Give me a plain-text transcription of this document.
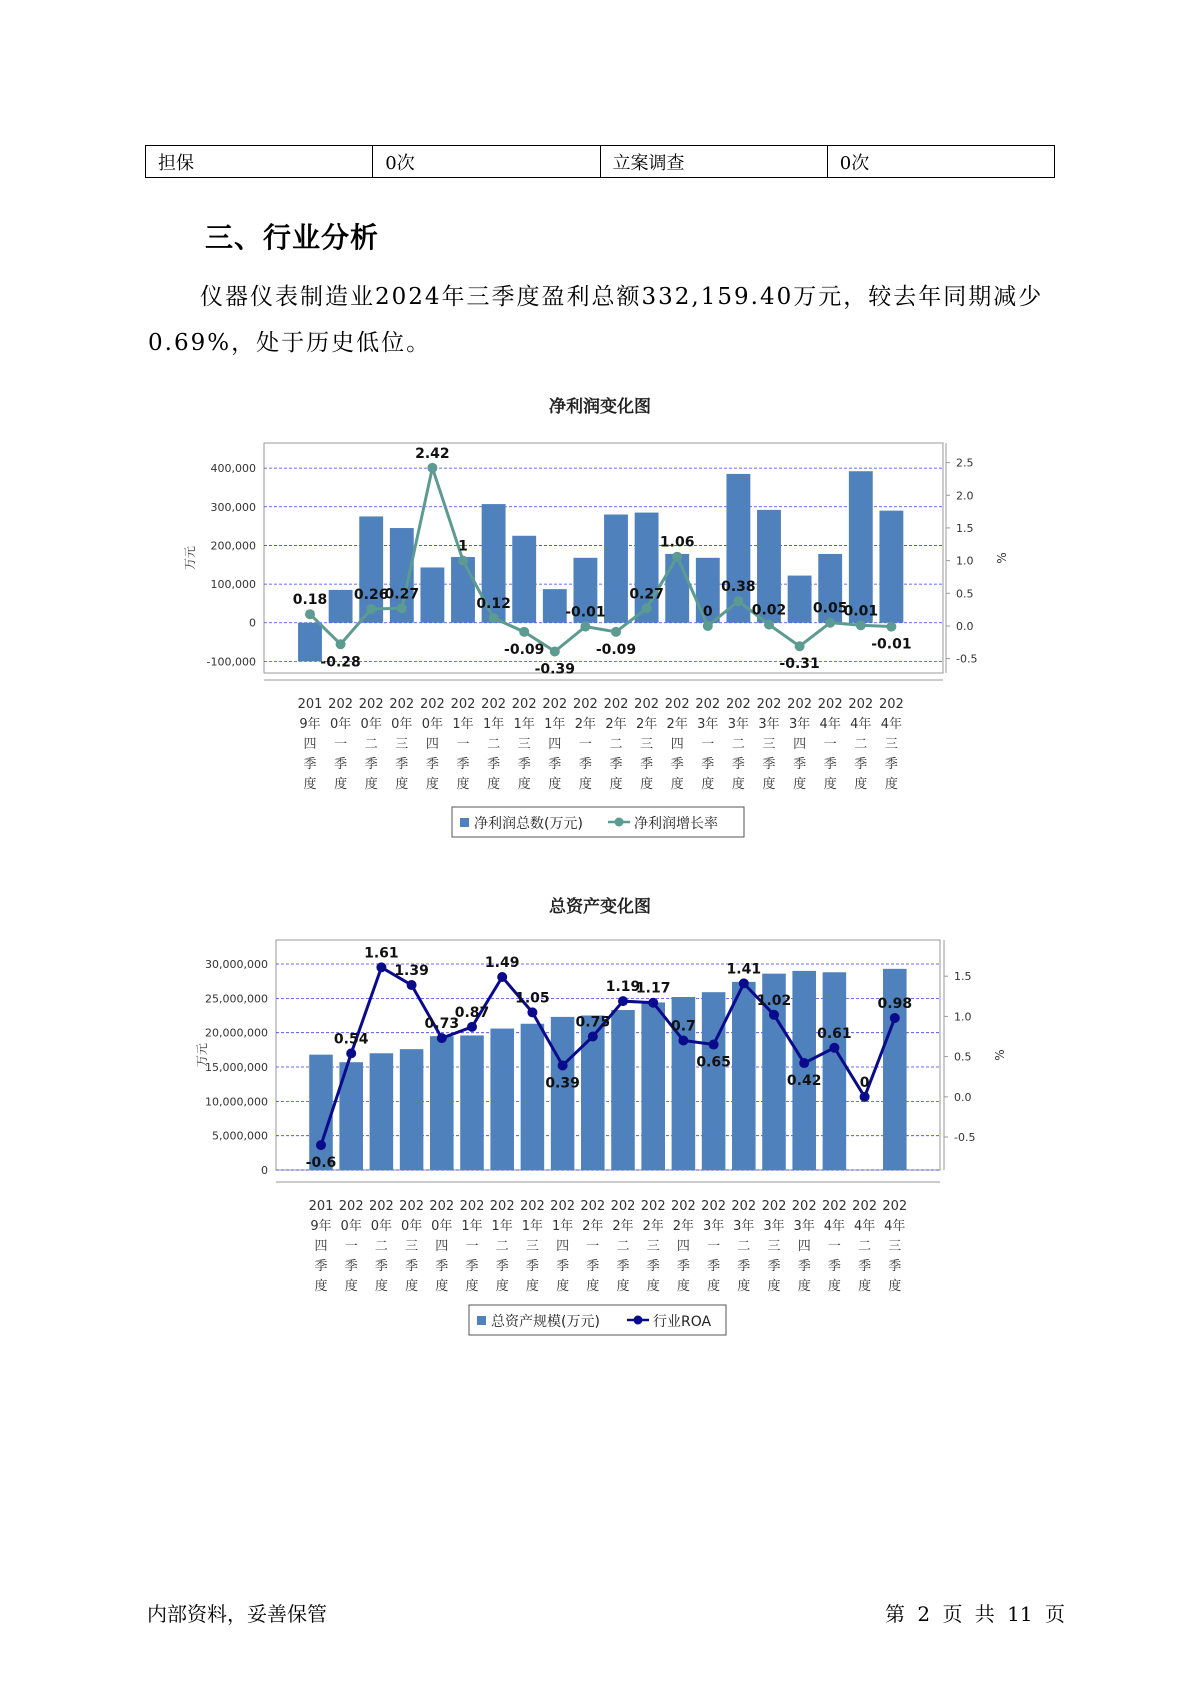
担保	0次	立案调查	0次
三、行业分析

仪器仪表制造业2024年三季度盈利总额332,159.40万元，较去年同期减少0.69%，处于历史低位。

净利润变化图
-100,000
0
100,000
200,000
300,000
400,000
-0.5
0.0
0.5
1.0
1.5
2.0
2.5
万元	%
0.18
-0.28
0.26
0.27
2.42
1
0.12
-0.09
-0.39
-0.01
-0.09
0.27
1.06
0
0.38
0.02
-0.31
0.05
0.01
-0.01
201
9年
四
季
度
202
0年
一
季
度
202
0年
二
季
度
202
0年
三
季
度
202
0年
四
季
度
202
1年
一
季
度
202
1年
二
季
度
202
1年
三
季
度
202
1年
四
季
度
202
2年
一
季
度
202
2年
二
季
度
202
2年
三
季
度
202
2年
四
季
度
202
3年
一
季
度
202
3年
二
季
度
202
3年
三
季
度
202
3年
四
季
度
202
4年
一
季
度
202
4年
二
季
度
202
4年
三
季
度
净利润总数(万元)	净利润增长率
总资产变化图
0
5,000,000
10,000,000
15,000,000
20,000,000
25,000,000
30,000,000
-0.5
0.0
0.5
1.0
1.5
万元	%
-0.6
0.54
1.61
1.39
0.73
0.87
1.49
1.05
0.39
0.75
1.19
1.17
0.7
0.65
1.41
1.02
0.42
0.61
0
0.98
201
9年
四
季
度
202
0年
一
季
度
202
0年
二
季
度
202
0年
三
季
度
202
0年
四
季
度
202
1年
一
季
度
202
1年
二
季
度
202
1年
三
季
度
202
1年
四
季
度
202
2年
一
季
度
202
2年
二
季
度
202
2年
三
季
度
202
2年
四
季
度
202
3年
一
季
度
202
3年
二
季
度
202
3年
三
季
度
202
3年
四
季
度
202
4年
一
季
度
202
4年
二
季
度
202
4年
三
季
度
总资产规模(万元)	行业ROA

内部资料，妥善保管	第 2 页 共 11 页
